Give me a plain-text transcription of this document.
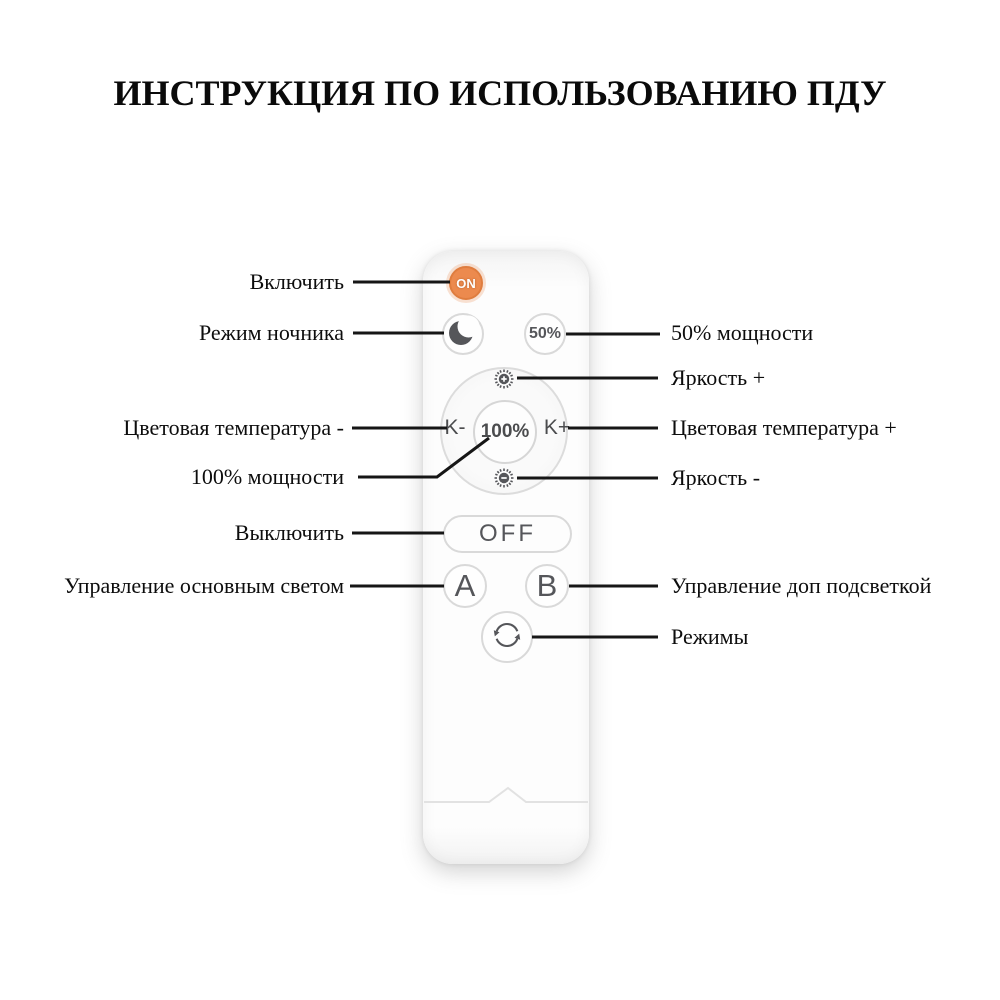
ИНСТРУКЦИЯ ПО ИСПОЛЬЗОВАНИЮ ПДУ
ON
50%
K-	K+
100%
OFF
A B
Включить
Режим ночника
Цветовая температура -
100% мощности
Выключить
Управление основным светом
50% мощности
Яркость +
Цветовая температура +
Яркость -
Управление доп подсветкой
Режимы
